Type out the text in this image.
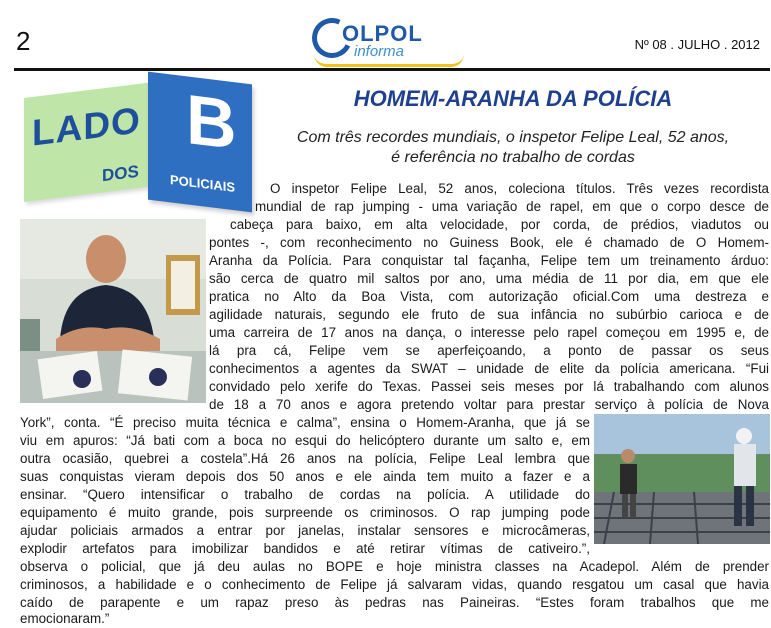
2	OLPOL
informa	Nº 08 . JULHO . 2012
LADO
DOS
B
POLICIAIS
HOMEM-ARANHA DA POLÍCIA
Com três recordes mundiais, o inspetor Felipe Leal, 52 anos,
é referência no trabalho de cordas
O inspetor Felipe Leal, 52 anos, coleciona títulos. Três vezes recordista
mundial de rap jumping - uma variação de rapel, em que o corpo desce de
cabeça para baixo, em alta velocidade, por corda, de prédios, viadutos ou
pontes -, com reconhecimento no Guiness Book, ele é chamado de O Homem-
Aranha da Polícia. Para conquistar tal façanha, Felipe tem um treinamento árduo:
são cerca de quatro mil saltos por ano, uma média de 11 por dia, em que ele
pratica no Alto da Boa Vista, com autorização oficial.Com uma destreza e
agilidade naturais, segundo ele fruto de sua infância no subúrbio carioca e de
uma carreira de 17 anos na dança, o interesse pelo rapel começou em 1995 e, de
lá pra cá, Felipe vem se aperfeiçoando, a ponto de passar os seus
conhecimentos a agentes da SWAT – unidade de elite da polícia americana. “Fui
convidado pelo xerife do Texas. Passei seis meses por lá trabalhando com alunos
de 18 a 70 anos e agora pretendo voltar para prestar serviço à polícia de Nova
York”, conta. “É preciso muita técnica e calma”, ensina o Homem-Aranha, que já se
viu em apuros: “Já bati com a boca no esqui do helicóptero durante um salto e, em
outra ocasião, quebrei a costela”.Há 26 anos na polícia, Felipe Leal lembra que
suas conquistas vieram depois dos 50 anos e ele ainda tem muito a fazer e a
ensinar. “Quero intensificar o trabalho de cordas na polícia. A utilidade do
equipamento é muito grande, pois surpreende os criminosos. O rap jumping pode
ajudar policiais armados a entrar por janelas, instalar sensores e microcâmeras,
explodir artefatos para imobilizar bandidos e até retirar vítimas de cativeiro.”,
observa o policial, que já deu aulas no BOPE e hoje ministra classes na Acadepol. Além de prender
criminosos, a habilidade e o conhecimento de Felipe já salvaram vidas, quando resgatou um casal que havia
caído de parapente e um rapaz preso às pedras nas Paineiras. “Estes foram trabalhos que me
emocionaram.”
